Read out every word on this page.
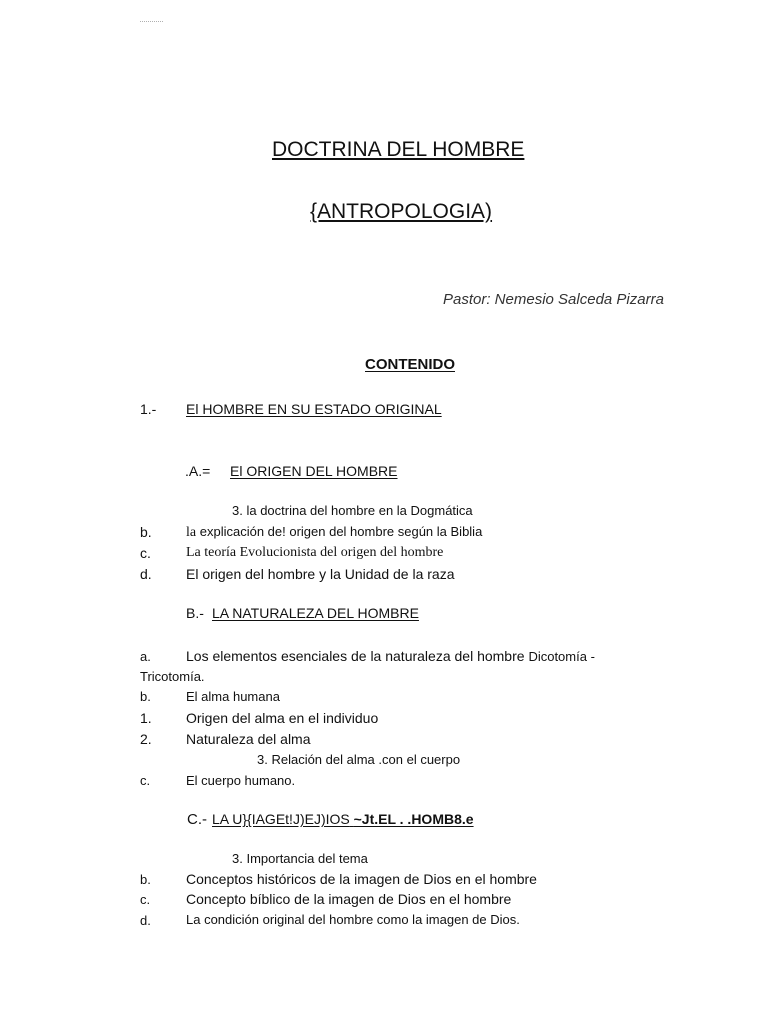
DOCTRINA DEL HOMBRE
{ANTROPOLOGIA)
Pastor: Nemesio Salceda Pizarra
CONTENIDO
1.- El HOMBRE EN SU ESTADO ORIGINAL
.A.= El ORIGEN DEL HOMBRE
3. la doctrina del hombre en la Dogmática
b. la explicación de! origen del hombre según la Biblia
c.	La teoría Evolucionista del origen del hombre
d. El origen del hombre y la Unidad de la raza
B.- LA NATURALEZA DEL HOMBRE
a.	Los elementos esenciales de la naturaleza del hombre Dicotomía -
Tricotomía.
b.	El alma humana
1. Origen del alma en el individuo
2. Naturaleza del alma
3. Relación del alma .con el cuerpo
c.	El cuerpo humano.
C.- LA U}{IAGEt!J)EJ)IOS ~Jt.EL . .HOMB8.e
3. Importancia del tema
b.	Conceptos históricos de la imagen de Dios en el hombre
c.	Concepto bíblico de la imagen de Dios en el hombre
d.	La condición original del hombre como la imagen de Dios.
